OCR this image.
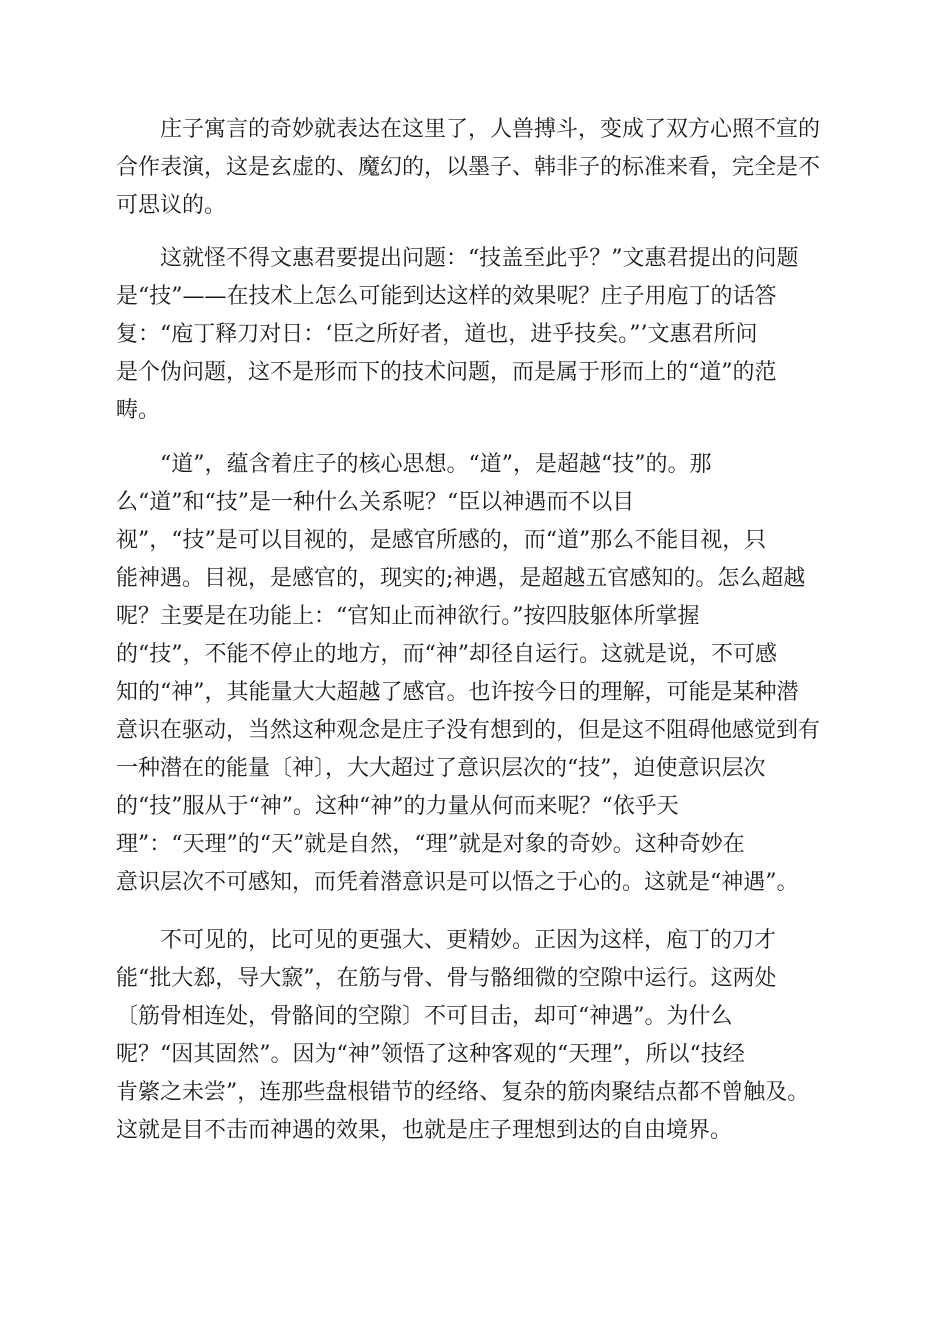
庄子寓言的奇妙就表达在这里了，人兽搏斗，变成了双方心照不宣的
合作表演，这是玄虚的、魔幻的，以墨子、韩非子的标准来看，完全是不
可思议的。
这就怪不得文惠君要提出问题：“技盖至此乎？”文惠君提出的问题
是“技”——在技术上怎么可能到达这样的效果呢？庄子用庖丁的话答
复：“庖丁释刀对日：‘臣之所好者，道也，进乎技矣。”’文惠君所问
是个伪问题，这不是形而下的技术问题，而是属于形而上的“道”的范
畴。
“道”，蕴含着庄子的核心思想。“道”，是超越“技”的。那
么“道”和“技”是一种什么关系呢？“臣以神遇而不以目
视”，“技”是可以目视的，是感官所感的，而“道”那么不能目视，只
能神遇。目视，是感官的，现实的;神遇，是超越五官感知的。怎么超越
呢？主要是在功能上：“官知止而神欲行。”按四肢躯体所掌握
的“技”，不能不停止的地方，而“神”却径自运行。这就是说，不可感
知的“神”，其能量大大超越了感官。也许按今日的理解，可能是某种潜
意识在驱动，当然这种观念是庄子没有想到的，但是这不阻碍他感觉到有
一种潜在的能量〔神〕，大大超过了意识层次的“技”，迫使意识层次
的“技”服从于“神”。这种“神”的力量从何而来呢？“依乎天
理”：“天理”的“天”就是自然，“理”就是对象的奇妙。这种奇妙在
意识层次不可感知，而凭着潜意识是可以悟之于心的。这就是“神遇”。
不可见的，比可见的更强大、更精妙。正因为这样，庖丁的刀才
能“批大郄，导大窾”，在筋与骨、骨与骼细微的空隙中运行。这两处
〔筋骨相连处，骨骼间的空隙〕不可目击，却可“神遇”。为什么
呢？“因其固然”。因为“神”领悟了这种客观的“天理”，所以“技经
肯綮之未尝”，连那些盘根错节的经络、复杂的筋肉聚结点都不曾触及。
这就是目不击而神遇的效果，也就是庄子理想到达的自由境界。
